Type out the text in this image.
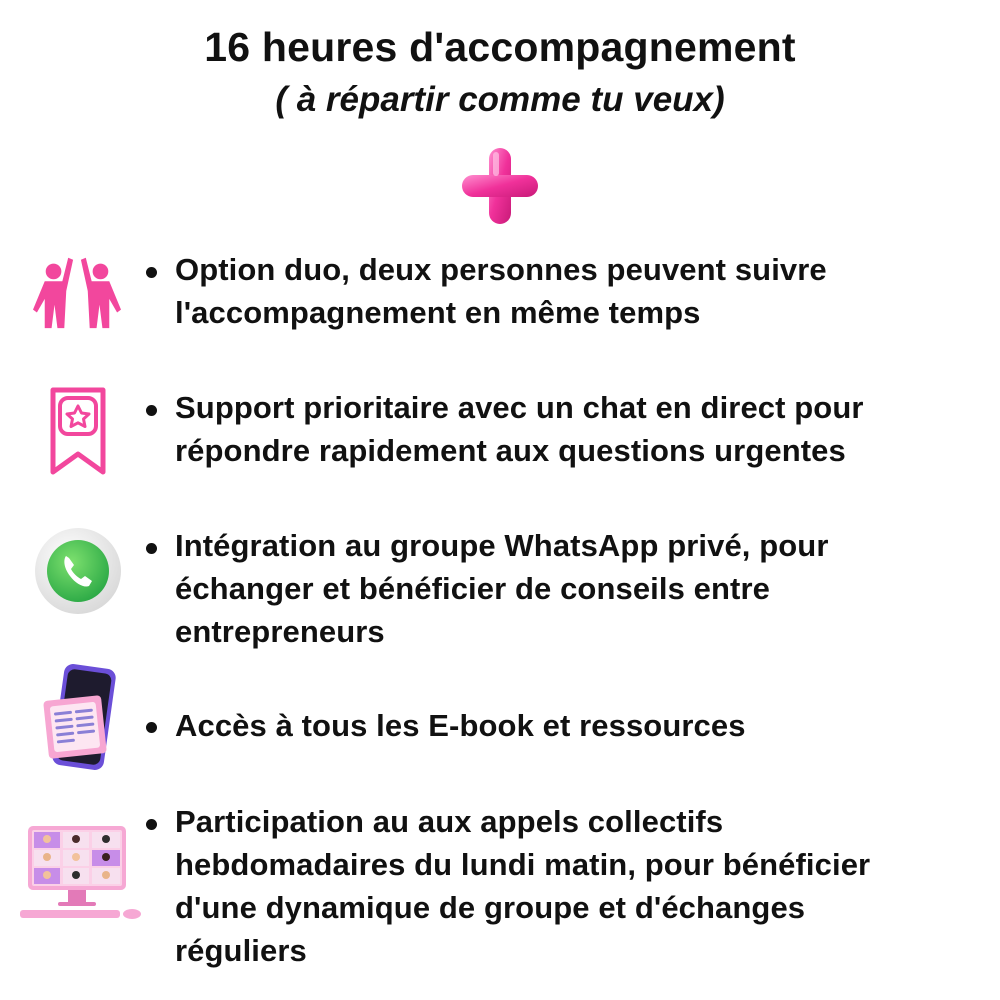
16 heures d'accompagnement
( à répartir comme tu veux)
Option duo, deux personnes peuvent suivre
l'accompagnement en même temps
Support prioritaire avec un chat en direct pour
répondre rapidement aux questions urgentes
Intégration au groupe WhatsApp privé, pour
échanger et bénéficier de conseils entre
entrepreneurs
Accès à tous les E-book et ressources
Participation au aux appels collectifs
hebdomadaires du lundi matin, pour bénéficier
d'une dynamique de groupe et d'échanges
réguliers
